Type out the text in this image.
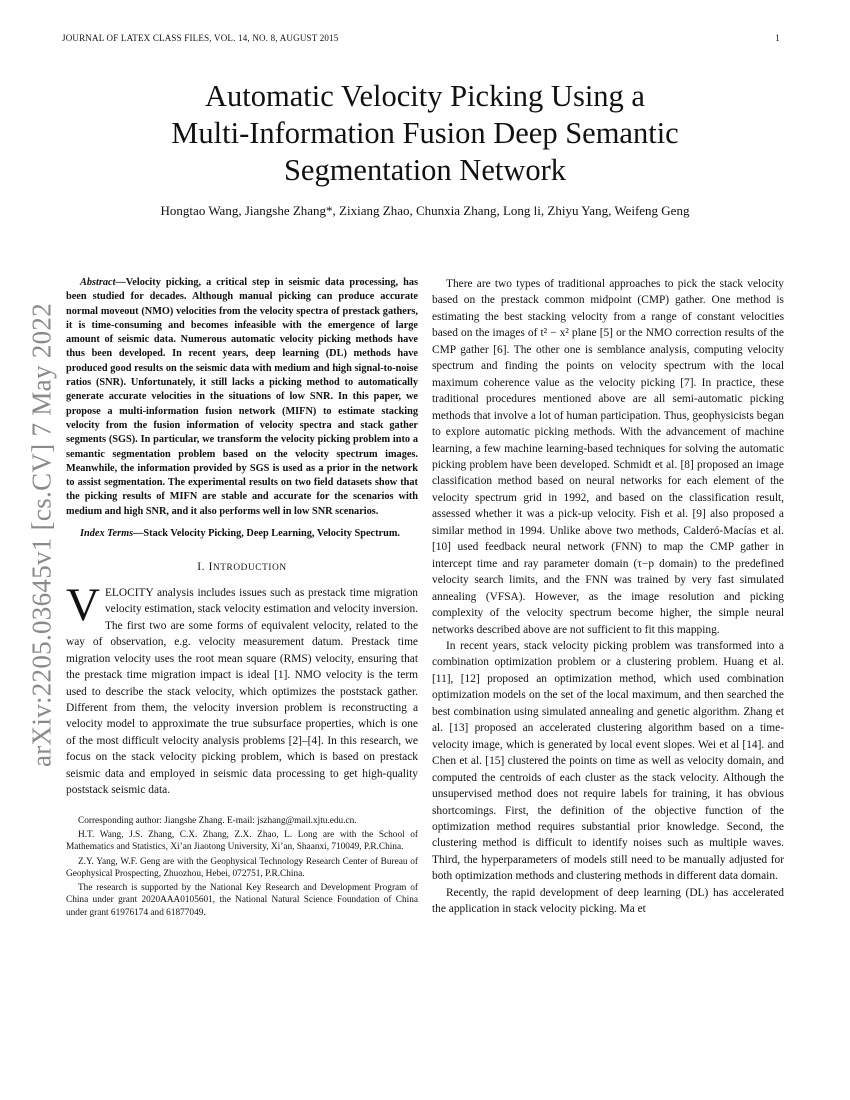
JOURNAL OF LATEX CLASS FILES, VOL. 14, NO. 8, AUGUST 2015	1
arXiv:2205.03645v1 [cs.CV] 7 May 2022
Automatic Velocity Picking Using a
Multi-Information Fusion Deep Semantic
Segmentation Network
Hongtao Wang, Jiangshe Zhang*, Zixiang Zhao, Chunxia Zhang, Long li, Zhiyu Yang, Weifeng Geng

Abstract—Velocity picking, a critical step in seismic data processing, has been studied for decades. Although manual picking can produce accurate normal moveout (NMO) velocities from the velocity spectra of prestack gathers, it is time-consuming and becomes infeasible with the emergence of large amount of seismic data. Numerous automatic velocity picking methods have thus been developed. In recent years, deep learning (DL) methods have produced good results on the seismic data with medium and high signal-to-noise ratios (SNR). Unfortunately, it still lacks a picking method to automatically generate accurate velocities in the situations of low SNR. In this paper, we propose a multi-information fusion network (MIFN) to estimate stacking velocity from the fusion information of velocity spectra and stack gather segments (SGS). In particular, we transform the velocity picking problem into a semantic segmentation problem based on the velocity spectrum images. Meanwhile, the information provided by SGS is used as a prior in the network to assist segmentation. The experimental results on two field datasets show that the picking results of MIFN are stable and accurate for the scenarios with medium and high SNR, and it also performs well in low SNR scenarios.

Index Terms—Stack Velocity Picking, Deep Learning, Velocity Spectrum.

I. INTRODUCTION

VELOCITY analysis includes issues such as prestack time migration velocity estimation, stack velocity estimation and velocity inversion. The first two are some forms of equivalent velocity, related to the way of observation, e.g. velocity measurement datum. Prestack time migration velocity uses the root mean square (RMS) velocity, ensuring that the prestack time migration impact is ideal [1]. NMO velocity is the term used to describe the stack velocity, which optimizes the poststack gather. Different from them, the velocity inversion problem is reconstructing a velocity model to approximate the true subsurface properties, which is one of the most difficult velocity analysis problems [2]–[4]. In this research, we focus on the stack velocity picking problem, which is based on prestack seismic data and employed in seismic data processing to get high-quality poststack seismic data.

Corresponding author: Jiangshe Zhang. E-mail: jszhang@mail.xjtu.edu.cn.

H.T. Wang, J.S. Zhang, C.X. Zhang, Z.X. Zhao, L. Long are with the School of Mathematics and Statistics, Xi’an Jiaotong University, Xi’an, Shaanxi, 710049, P.R.China.

Z.Y. Yang, W.F. Geng are with the Geophysical Technology Research Center of Bureau of Geophysical Prospecting, Zhuozhou, Hebei, 072751, P.R.China.

The research is supported by the National Key Research and Development Program of China under grant 2020AAA0105601, the National Natural Science Foundation of China under grant 61976174 and 61877049.

There are two types of traditional approaches to pick the stack velocity based on the prestack common midpoint (CMP) gather. One method is estimating the best stacking velocity from a range of constant velocities based on the images of t² − x² plane [5] or the NMO correction results of the CMP gather [6]. The other one is semblance analysis, computing velocity spectrum and finding the points on velocity spectrum with the local maximum coherence value as the velocity picking [7]. In practice, these traditional procedures mentioned above are all semi-automatic picking methods that involve a lot of human participation. Thus, geophysicists began to explore automatic picking methods. With the advancement of machine learning, a few machine learning-based techniques for solving the automatic picking problem have been developed. Schmidt et al. [8] proposed an image classification method based on neural networks for each element of the velocity spectrum grid in 1992, and based on the classification result, assessed whether it was a pick-up velocity. Fish et al. [9] also proposed a similar method in 1994. Unlike above two methods, Calderó-Macías et al. [10] used feedback neural network (FNN) to map the CMP gather in intercept time and ray parameter domain (τ−p domain) to the predefined velocity search limits, and the FNN was trained by very fast simulated annealing (VFSA). However, as the image resolution and picking complexity of the velocity spectrum become higher, the simple neural networks described above are not sufficient to fit this mapping.

In recent years, stack velocity picking problem was transformed into a combination optimization problem or a clustering problem. Huang et al. [11], [12] proposed an optimization method, which used combination optimization models on the set of the local maximum, and then searched the best combination using simulated annealing and genetic algorithm. Zhang et al. [13] proposed an accelerated clustering algorithm based on a time-velocity image, which is generated by local event slopes. Wei et al [14]. and Chen et al. [15] clustered the points on time as well as velocity domain, and computed the centroids of each cluster as the stack velocity. Although the unsupervised method does not require labels for training, it has obvious shortcomings. First, the definition of the objective function of the optimization method requires substantial prior knowledge. Second, the clustering method is difficult to identify noises such as multiple waves. Third, the hyperparameters of models still need to be manually adjusted for both optimization methods and clustering methods in different data domain.

Recently, the rapid development of deep learning (DL) has accelerated the application in stack velocity picking. Ma et
